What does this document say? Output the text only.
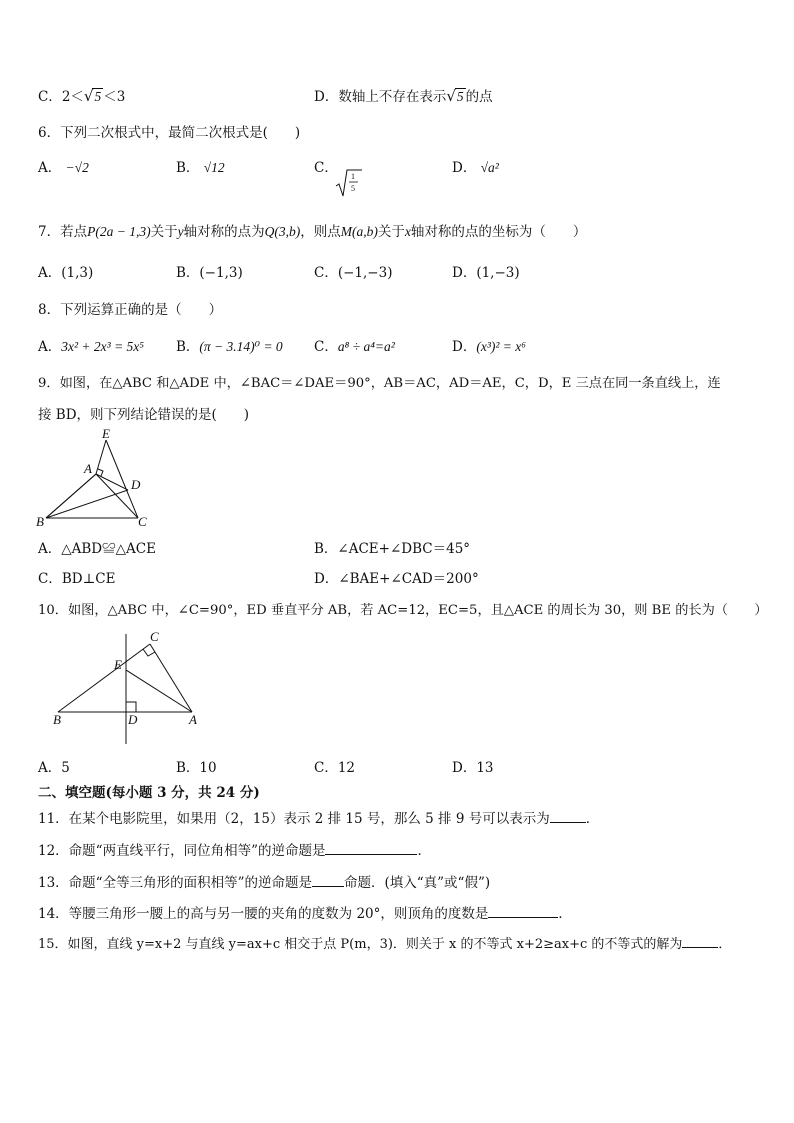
C．2＜√5 ＜3	D．数轴上不存在表示√5 的点
6．下列二次根式中，最简二次根式是(　　)
A． −√2	B． √12	C．
1
5
D． √a²
7．若点P(2a − 1,3)关于y轴对称的点为Q(3,b)，则点M(a,b)关于x轴对称的点的坐标为（　　）
A．(1,3)	B．(−1,3)	C．(−1,−3)	D．(1,−3)
8．下列运算正确的是（　　）
A．3x² + 2x³ = 5x⁵ B．(π − 3.14)⁰ = 0 C．a⁸ ÷ a⁴=a²	D．(x³)² = x⁶
9．如图，在△ABC 和△ADE 中，∠BAC＝∠DAE＝90°，AB＝AC，AD＝AE，C，D，E 三点在同一条直线上，连
接 BD，则下列结论错误的是(　　)
E
A
D
B	C
A．△ABD≌△ACE	B．∠ACE+∠DBC＝45°
C．BD⊥CE	D．∠BAE+∠CAD＝200°
10．如图，△ABC 中，∠C=90°，ED 垂直平分 AB，若 AC=12，EC=5，且△ACE 的周长为 30，则 BE 的长为（　　）
C
E
B	D	A
A．5	B．10	C．12	D．13
二、填空题(每小题 3 分，共 24 分)
11．在某个电影院里，如果用（2，15）表示 2 排 15 号，那么 5 排 9 号可以表示为	．
12．命题“两直线平行，同位角相等”的逆命题是	．
13．命题“全等三角形的面积相等”的逆命题是 命题．(填入“真”或“假”)
14．等腰三角形一腰上的高与另一腰的夹角的度数为 20°，则顶角的度数是	．
15．如图，直线 y=x+2 与直线 y=ax+c 相交于点 P(m，3)．则关于 x 的不等式 x+2≥ax+c 的不等式的解为	．
